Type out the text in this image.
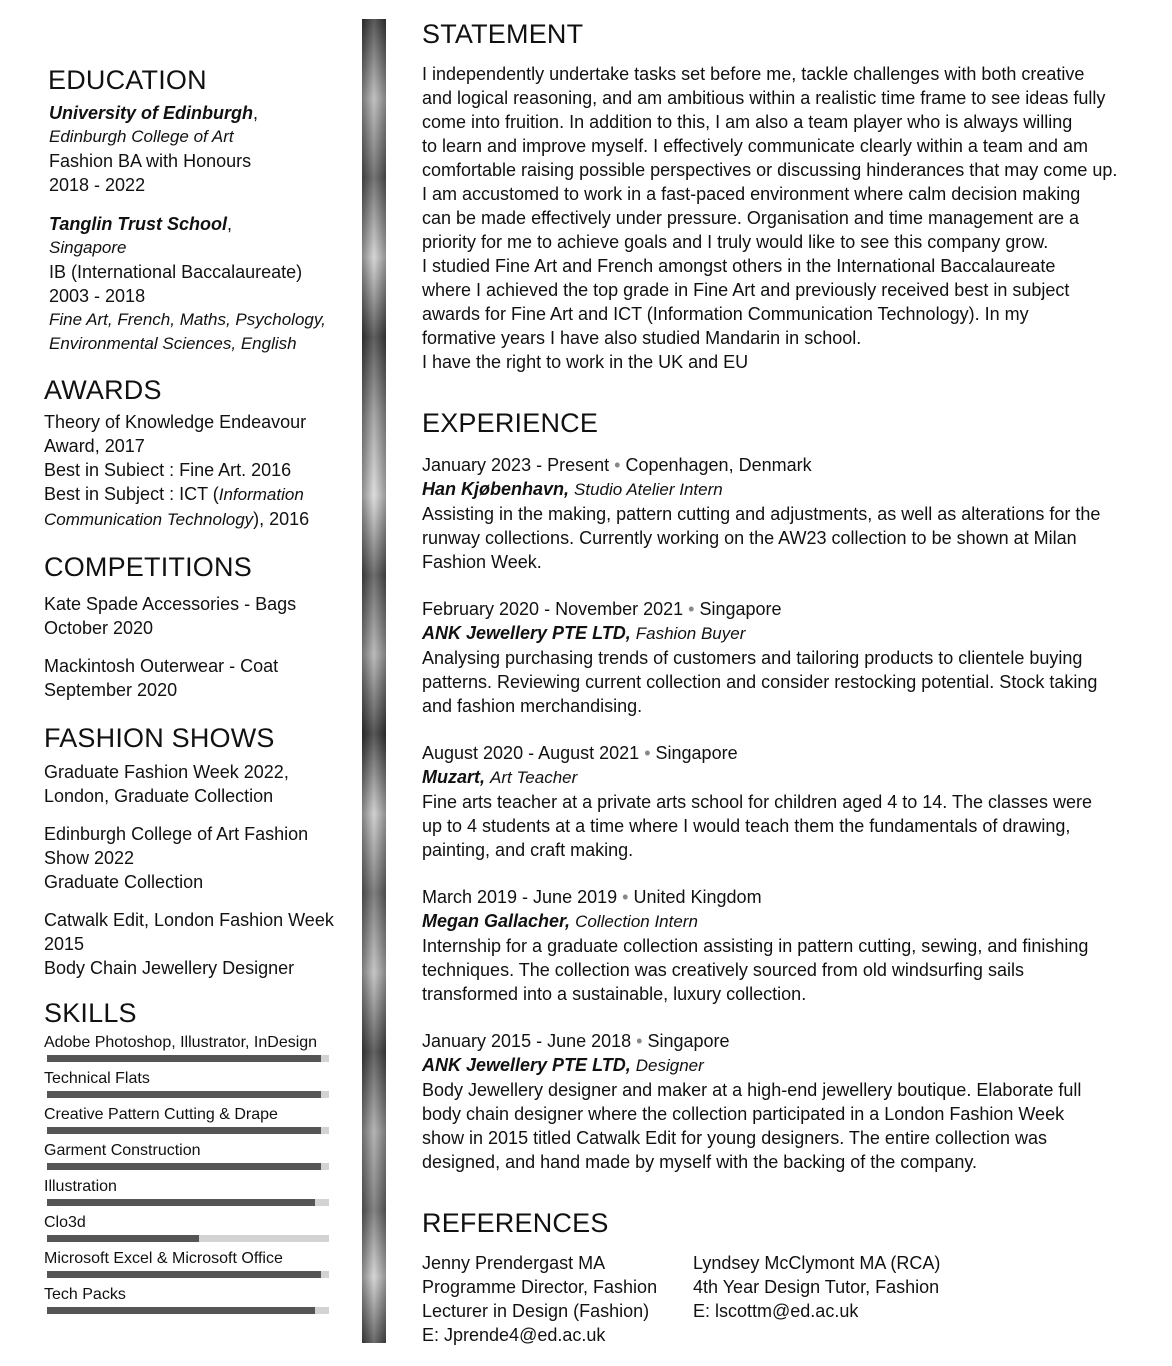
EDUCATION
University of Edinburgh,
Edinburgh College of Art
Fashion BA with Honours
2018 - 2022
Tanglin Trust School,
Singapore
IB (International Baccalaureate)
2003 - 2018
Fine Art, French, Maths, Psychology,
Environmental Sciences, English
AWARDS
Theory of Knowledge Endeavour
Award, 2017
Best in Subiect : Fine Art. 2016
Best in Subject : ICT (Information
Communication Technology), 2016
COMPETITIONS
Kate Spade Accessories - Bags
October 2020
Mackintosh Outerwear - Coat
September 2020
FASHION SHOWS
Graduate Fashion Week 2022,
London, Graduate Collection
Edinburgh College of Art Fashion
Show 2022
Graduate Collection
Catwalk Edit, London Fashion Week
2015
Body Chain Jewellery Designer
SKILLS
Adobe Photoshop, Illustrator, InDesign
Technical Flats
Creative Pattern Cutting & Drape
Garment Construction
Illustration
Clo3d
Microsoft Excel & Microsoft Office
Tech Packs
STATEMENT
I independently undertake tasks set before me, tackle challenges with both creative
and logical reasoning, and am ambitious within a realistic time frame to see ideas fully
come into fruition. In addition to this, I am also a team player who is always willing
to learn and improve myself. I effectively communicate clearly within a team and am
comfortable raising possible perspectives or discussing hinderances that may come up.
I am accustomed to work in a fast-paced environment where calm decision making
can be made effectively under pressure. Organisation and time management are a
priority for me to achieve goals and I truly would like to see this company grow.
I studied Fine Art and French amongst others in the International Baccalaureate
where I achieved the top grade in Fine Art and previously received best in subject
awards for Fine Art and ICT (Information Communication Technology). In my
formative years I have also studied Mandarin in school.
I have the right to work in the UK and EU
EXPERIENCE
January 2023 - Present • Copenhagen, Denmark
Han Kjøbenhavn, Studio Atelier Intern
Assisting in the making, pattern cutting and adjustments, as well as alterations for the
runway collections. Currently working on the AW23 collection to be shown at Milan
Fashion Week.
February 2020 - November 2021 • Singapore
ANK Jewellery PTE LTD, Fashion Buyer
Analysing purchasing trends of customers and tailoring products to clientele buying
patterns. Reviewing current collection and consider restocking potential. Stock taking
and fashion merchandising.
August 2020 - August 2021 • Singapore
Muzart, Art Teacher
Fine arts teacher at a private arts school for children aged 4 to 14. The classes were
up to 4 students at a time where I would teach them the fundamentals of drawing,
painting, and craft making.
March 2019 - June 2019 • United Kingdom
Megan Gallacher, Collection Intern
Internship for a graduate collection assisting in pattern cutting, sewing, and finishing
techniques. The collection was creatively sourced from old windsurfing sails
transformed into a sustainable, luxury collection.
January 2015 - June 2018 • Singapore
ANK Jewellery PTE LTD, Designer
Body Jewellery designer and maker at a high-end jewellery boutique. Elaborate full
body chain designer where the collection participated in a London Fashion Week
show in 2015 titled Catwalk Edit for young designers. The entire collection was
designed, and hand made by myself with the backing of the company.
REFERENCES
Jenny Prendergast MA
Programme Director, Fashion
Lecturer in Design (Fashion)
E: Jprende4@ed.ac.uk
Lyndsey McClymont MA (RCA)
4th Year Design Tutor, Fashion
E: lscottm@ed.ac.uk
